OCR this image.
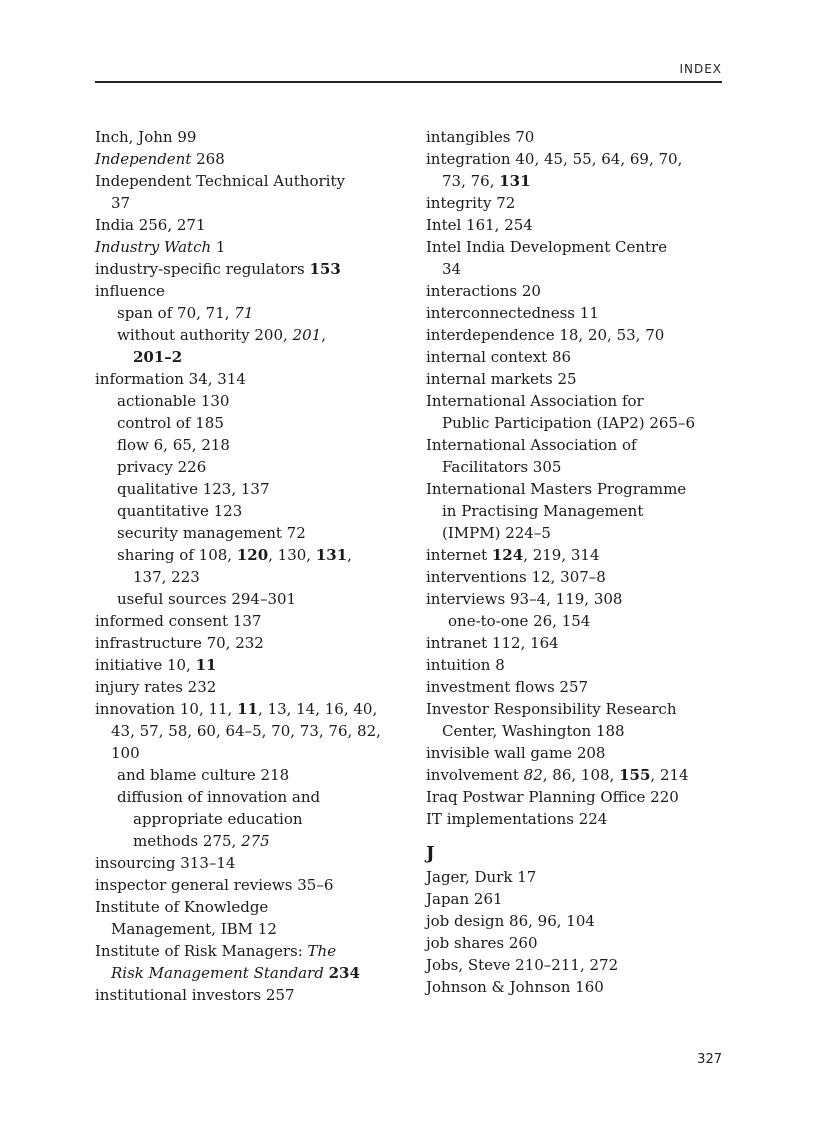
INDEX
Inch, John 99
Independent 268
Independent Technical Authority
37
India 256, 271
Industry Watch 1
industry-specific regulators 153
influence
span of 70, 71, 71
without authority 200, 201,
201–2
information 34, 314
actionable 130
control of 185
flow 6, 65, 218
privacy 226
qualitative 123, 137
quantitative 123
security management 72
sharing of 108, 120, 130, 131,
137, 223
useful sources 294–301
informed consent 137
infrastructure 70, 232
initiative 10, 11
injury rates 232
innovation 10, 11, 11, 13, 14, 16, 40,
43, 57, 58, 60, 64–5, 70, 73, 76, 82,
100
and blame culture 218
diffusion of innovation and
appropriate education
methods 275, 275
insourcing 313–14
inspector general reviews 35–6
Institute of Knowledge
Management, IBM 12
Institute of Risk Managers: The
Risk Management Standard 234
institutional investors 257
intangibles 70
integration 40, 45, 55, 64, 69, 70,
73, 76, 131
integrity 72
Intel 161, 254
Intel India Development Centre
34
interactions 20
interconnectedness 11
interdependence 18, 20, 53, 70
internal context 86
internal markets 25
International Association for
Public Participation (IAP2) 265–6
International Association of
Facilitators 305
International Masters Programme
in Practising Management
(IMPM) 224–5
internet 124, 219, 314
interventions 12, 307–8
interviews 93–4, 119, 308
one-to-one 26, 154
intranet 112, 164
intuition 8
investment flows 257
Investor Responsibility Research
Center, Washington 188
invisible wall game 208
involvement 82, 86, 108, 155, 214
Iraq Postwar Planning Office 220
IT implementations 224
J
Jager, Durk 17
Japan 261
job design 86, 96, 104
job shares 260
Jobs, Steve 210–211, 272
Johnson & Johnson 160
327
